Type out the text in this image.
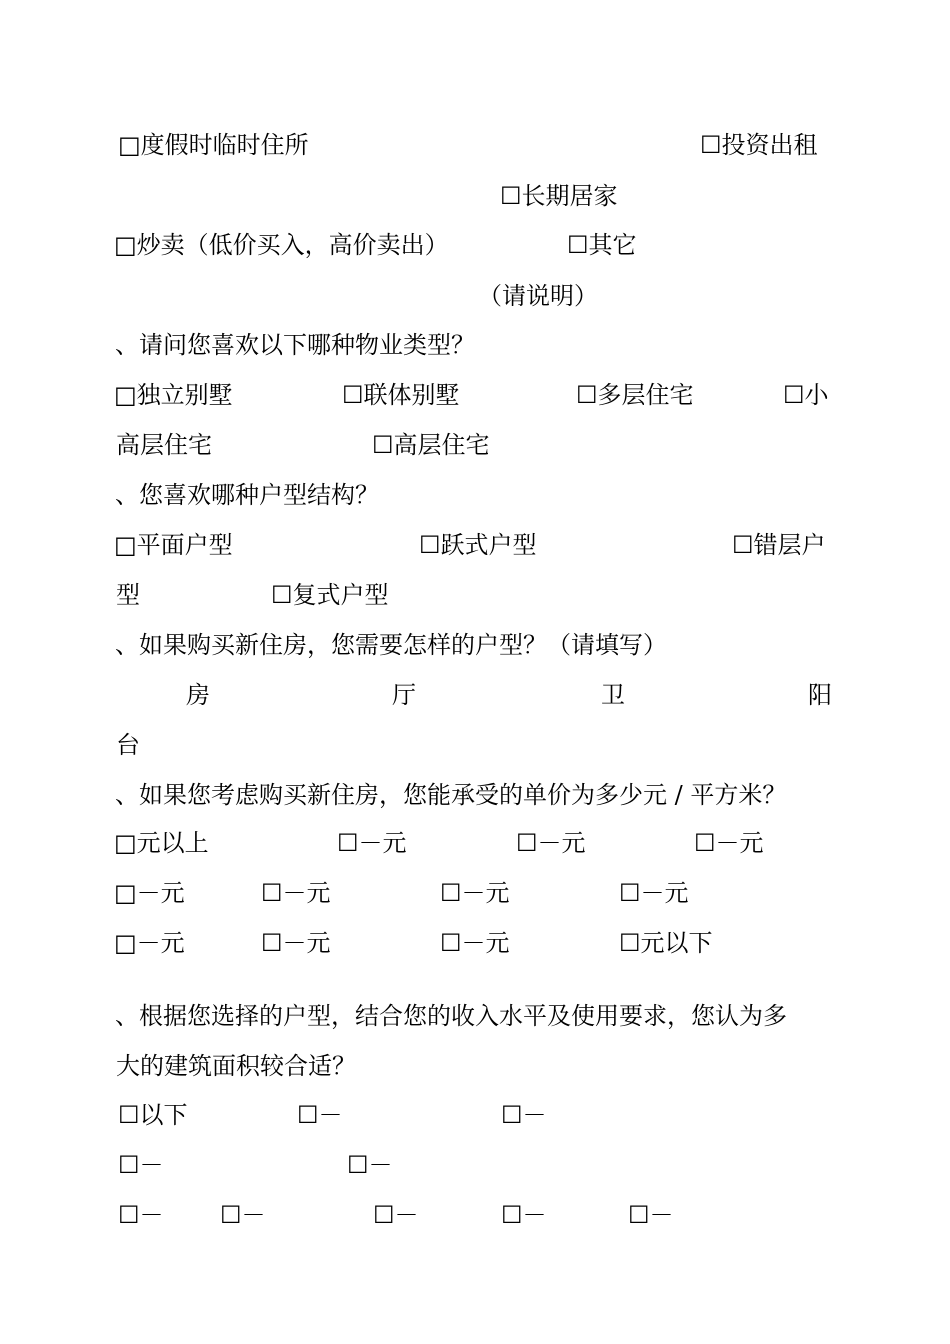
□度假时临时住所	☐投资出租
☐长期居家
□炒卖（低价买入，高价卖出）	☐其它
（请说明）
、请问您喜欢以下哪种物业类型？
□独立别墅	☐联体别墅	☐多层住宅	☐小
高层住宅	☐高层住宅
、您喜欢哪种户型结构？
□平面户型	☐跃式户型	☐错层户
型	☐复式户型
、如果购买新住房，您需要怎样的户型？（请填写）
房	厅	卫	阳
台
、如果您考虑购买新住房，您能承受的单价为多少元 / 平方米？
□元以上	☐－元	☐－元	☐－元
□－元	☐－元	☐－元	☐－元
□－元	☐－元	☐－元	☐元以下
、根据您选择的户型，结合您的收入水平及使用要求，您认为多
大的建筑面积较合适？
☐以下	☐－	☐－
☐－	☐－
☐－ ☐－	☐－	☐－	☐－
